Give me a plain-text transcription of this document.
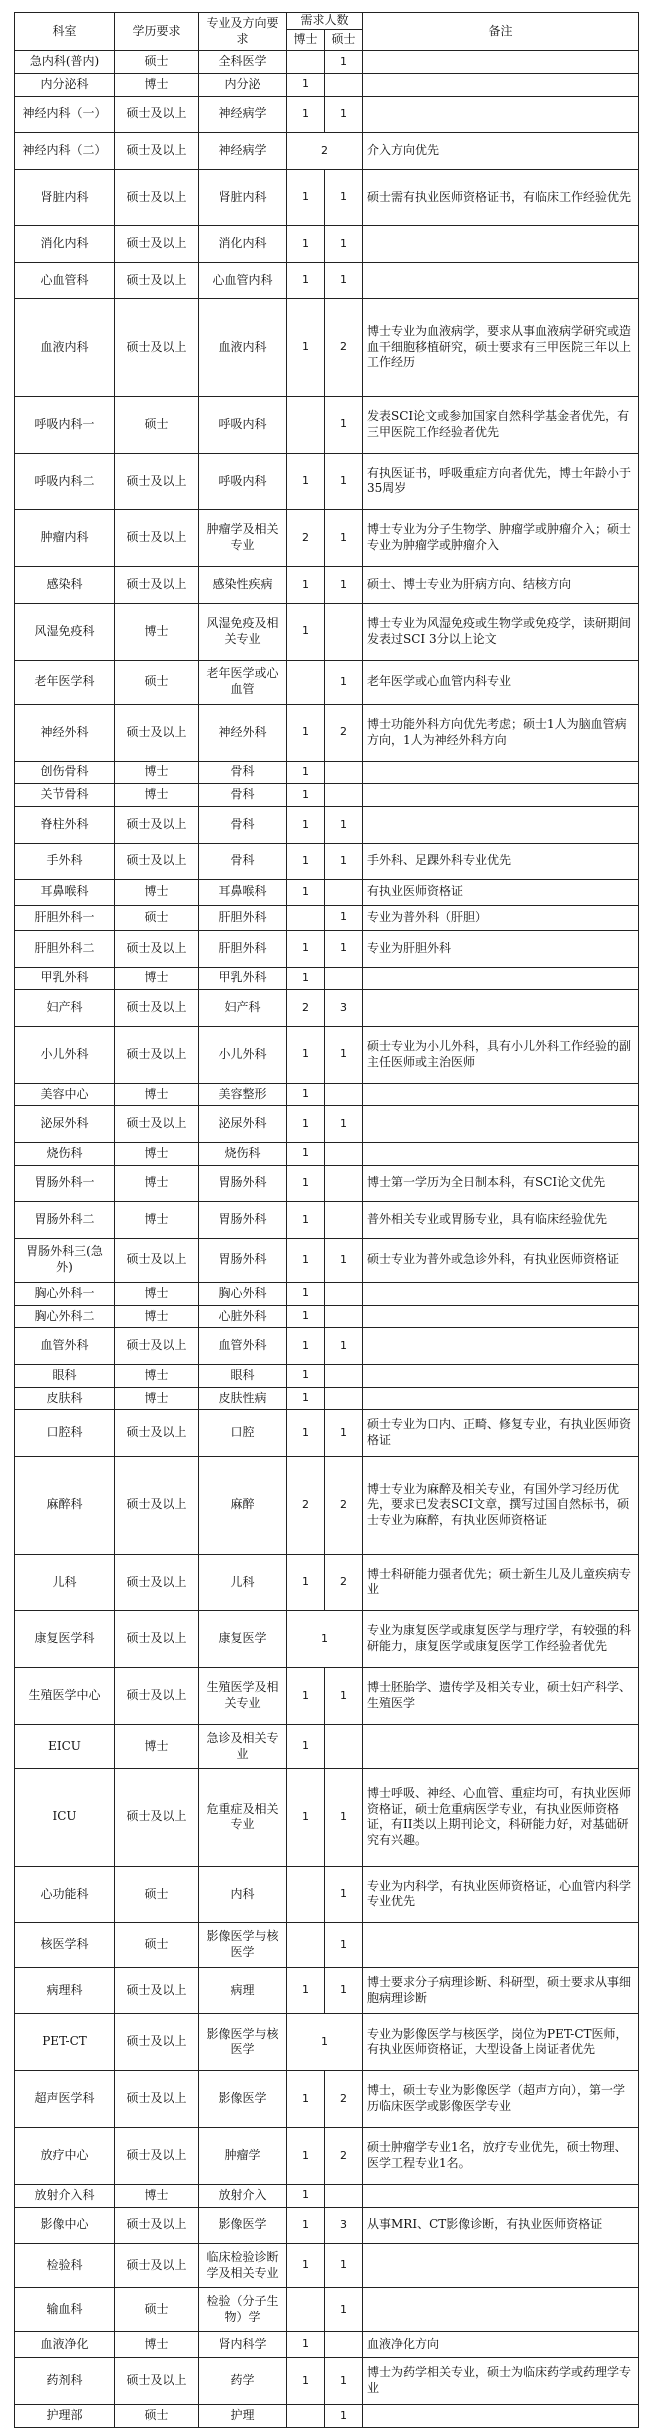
科室	学历要求	专业及方向要求	需求人数		备注
			博士	硕士	
急内科(普内)	硕士	全科医学		1	
内分泌科	博士	内分泌	1		
神经内科（一）	硕士及以上	神经病学	1	1	
神经内科（二）	硕士及以上	神经病学	2		介入方向优先
肾脏内科	硕士及以上	肾脏内科	1	1	硕士需有执业医师资格证书，有临床工作经验优先
消化内科	硕士及以上	消化内科	1	1	
心血管科	硕士及以上	心血管内科	1	1	
血液内科	硕士及以上	血液内科	1	2	博士专业为血液病学，要求从事血液病学研究或造血干细胞移植研究，硕士要求有三甲医院三年以上工作经历
呼吸内科一	硕士	呼吸内科		1	发表SCI论文或参加国家自然科学基金者优先，有三甲医院工作经验者优先
呼吸内科二	硕士及以上	呼吸内科	1	1	有执医证书，呼吸重症方向者优先，博士年龄小于35周岁
肿瘤内科	硕士及以上	肿瘤学及相关专业	2	1	博士专业为分子生物学、肿瘤学或肿瘤介入；硕士专业为肿瘤学或肿瘤介入
感染科	硕士及以上	感染性疾病	1	1	硕士、博士专业为肝病方向、结核方向
风湿免疫科	博士	风湿免疫及相关专业	1		博士专业为风湿免疫或生物学或免疫学，读研期间发表过SCI 3分以上论文
老年医学科	硕士	老年医学或心血管		1	老年医学或心血管内科专业
神经外科	硕士及以上	神经外科	1	2	博士功能外科方向优先考虑；硕士1人为脑血管病方向，1人为神经外科方向
创伤骨科	博士	骨科	1		
关节骨科	博士	骨科	1		
脊柱外科	硕士及以上	骨科	1	1	
手外科	硕士及以上	骨科	1	1	手外科、足踝外科专业优先
耳鼻喉科	博士	耳鼻喉科	1		有执业医师资格证
肝胆外科一	硕士	肝胆外科		1	专业为普外科（肝胆）
肝胆外科二	硕士及以上	肝胆外科	1	1	专业为肝胆外科
甲乳外科	博士	甲乳外科	1		
妇产科	硕士及以上	妇产科	2	3	
小儿外科	硕士及以上	小儿外科	1	1	硕士专业为小儿外科，具有小儿外科工作经验的副主任医师或主治医师
美容中心	博士	美容整形	1		
泌尿外科	硕士及以上	泌尿外科	1	1	
烧伤科	博士	烧伤科	1		
胃肠外科一	博士	胃肠外科	1		博士第一学历为全日制本科，有SCI论文优先
胃肠外科二	博士	胃肠外科	1		普外相关专业或胃肠专业，具有临床经验优先
胃肠外科三(急外)	硕士及以上	胃肠外科	1	1	硕士专业为普外或急诊外科，有执业医师资格证
胸心外科一	博士	胸心外科	1		
胸心外科二	博士	心脏外科	1		
血管外科	硕士及以上	血管外科	1	1	
眼科	博士	眼科	1		
皮肤科	博士	皮肤性病	1		
口腔科	硕士及以上	口腔	1	1	硕士专业为口内、正畸、修复专业，有执业医师资格证
麻醉科	硕士及以上	麻醉	2	2	博士专业为麻醉及相关专业，有国外学习经历优先，要求已发表SCI文章，撰写过国自然标书，硕士专业为麻醉，有执业医师资格证
儿科	硕士及以上	儿科	1	2	博士科研能力强者优先；硕士新生儿及儿童疾病专业
康复医学科	硕士及以上	康复医学	1		专业为康复医学或康复医学与理疗学，有较强的科研能力，康复医学或康复医学工作经验者优先
生殖医学中心	硕士及以上	生殖医学及相关专业	1	1	博士胚胎学、遗传学及相关专业，硕士妇产科学、生殖医学
EICU	博士	急诊及相关专业	1		
ICU	硕士及以上	危重症及相关专业	1	1	博士呼吸、神经、心血管、重症均可，有执业医师资格证，硕士危重病医学专业，有执业医师资格证，有II类以上期刊论文，科研能力好，对基础研究有兴趣。
心功能科	硕士	内科		1	专业为内科学，有执业医师资格证，心血管内科学专业优先
核医学科	硕士	影像医学与核医学		1	
病理科	硕士及以上	病理	1	1	博士要求分子病理诊断、科研型，硕士要求从事细胞病理诊断
PET-CT	硕士及以上	影像医学与核医学	1		专业为影像医学与核医学，岗位为PET-CT医师，有执业医师资格证，大型设备上岗证者优先
超声医学科	硕士及以上	影像医学	1	2	博士，硕士专业为影像医学（超声方向），第一学历临床医学或影像医学专业
放疗中心	硕士及以上	肿瘤学	1	2	硕士肿瘤学专业1名，放疗专业优先，硕士物理、医学工程专业1名。
放射介入科	博士	放射介入	1		
影像中心	硕士及以上	影像医学	1	3	从事MRI、CT影像诊断，有执业医师资格证
检验科	硕士及以上	临床检验诊断学及相关专业	1	1	
输血科	硕士	检验（分子生物）学		1	
血液净化	博士	肾内科学	1		血液净化方向
药剂科	硕士及以上	药学	1	1	博士为药学相关专业，硕士为临床药学或药理学专业
护理部	硕士	护理		1	
